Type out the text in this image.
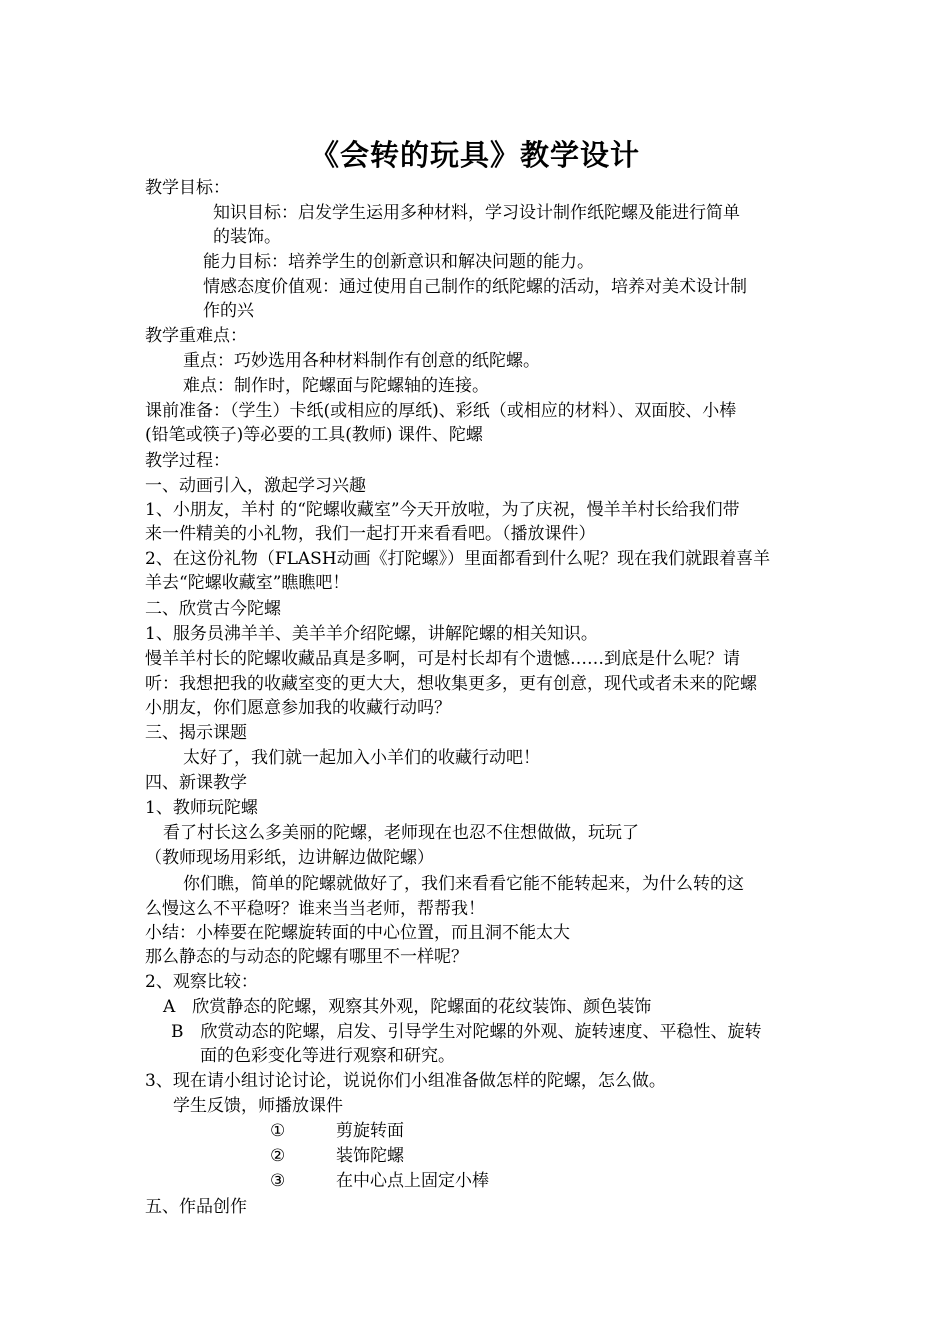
《会转的玩具》教学设计
教学目标：
知识目标：启发学生运用多种材料，学习设计制作纸陀螺及能进行简单
的装饰。
能力目标：培养学生的创新意识和解决问题的能力。
情感态度价值观：通过使用自己制作的纸陀螺的活动，培养对美术设计制
作的兴
教学重难点：
重点：巧妙选用各种材料制作有创意的纸陀螺。
难点：制作时，陀螺面与陀螺轴的连接。
课前准备：（学生）卡纸(或相应的厚纸)、彩纸（或相应的材料）、双面胶、小棒
(铅笔或筷子)等必要的工具(教师) 课件、陀螺
教学过程：
一、动画引入，激起学习兴趣
1、小朋友，羊村 的“陀螺收藏室”今天开放啦，为了庆祝，慢羊羊村长给我们带
来一件精美的小礼物，我们一起打开来看看吧。（播放课件）
2、在这份礼物（FLASH动画《打陀螺》）里面都看到什么呢？现在我们就跟着喜羊
羊去“陀螺收藏室”瞧瞧吧！
二、欣赏古今陀螺
1、服务员沸羊羊、美羊羊介绍陀螺，讲解陀螺的相关知识。
慢羊羊村长的陀螺收藏品真是多啊，可是村长却有个遗憾……到底是什么呢？请
听：我想把我的收藏室变的更大大，想收集更多，更有创意，现代或者未来的陀螺
小朋友，你们愿意参加我的收藏行动吗？
三、揭示课题
太好了，我们就一起加入小羊们的收藏行动吧！
四、新课教学
1、教师玩陀螺
看了村长这么多美丽的陀螺，老师现在也忍不住想做做，玩玩了
（教师现场用彩纸，边讲解边做陀螺）
你们瞧，简单的陀螺就做好了，我们来看看它能不能转起来，为什么转的这
么慢这么不平稳呀？谁来当当老师，帮帮我！
小结：小棒要在陀螺旋转面的中心位置，而且洞不能太大
那么静态的与动态的陀螺有哪里不一样呢？
2、观察比较：
A　欣赏静态的陀螺，观察其外观，陀螺面的花纹装饰、颜色装饰
B　欣赏动态的陀螺，启发、引导学生对陀螺的外观、旋转速度、平稳性、旋转
面的色彩变化等进行观察和研究。
3、现在请小组讨论讨论，说说你们小组准备做怎样的陀螺，怎么做。
学生反馈，师播放课件
①	剪旋转面
②	装饰陀螺
③	在中心点上固定小棒
五、作品创作
